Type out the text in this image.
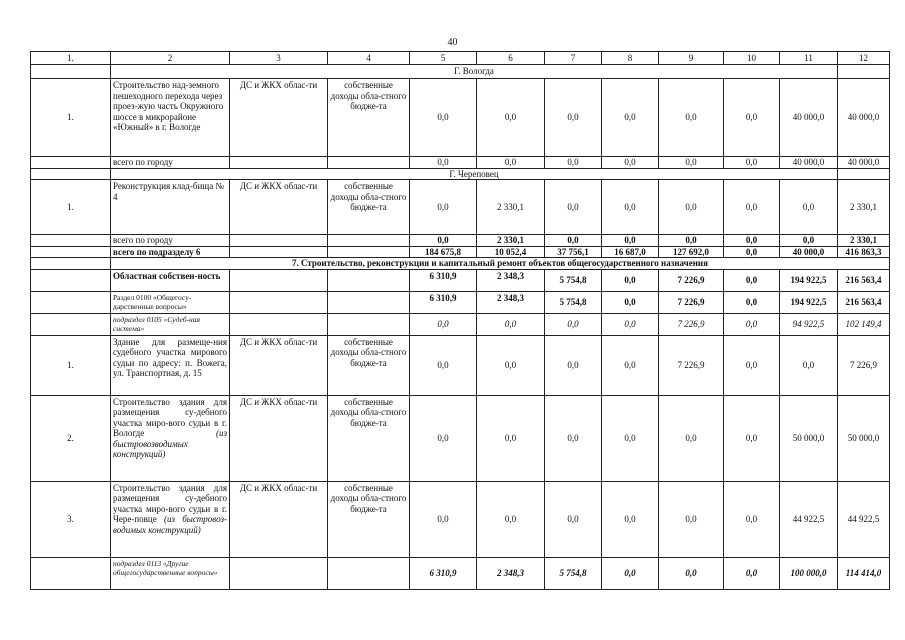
40
1.	2	3	4	5	6	7	8	9	10	11	12
	Г. Вологда										
1.	Строительство над-земного пешеходного перехода через проез-жую часть Окружного шоссе в микрорайоне «Южный» в г. Вологде	ДС и ЖКХ облас-ти	собственные доходы обла-стного бюдже-та	0,0	0,0	0,0	0,0	0,0	0,0	40 000,0	40 000,0
	всего по городу			0,0	0,0	0,0	0,0	0,0	0,0	40 000,0	40 000,0
	Г. Череповец										
1.	Реконструкция клад-бища № 4	ДС и ЖКХ облас-ти	собственные доходы обла-стного бюдже-та	0,0	2 330,1	0,0	0,0	0,0	0,0	0,0	2 330,1
	всего по городу			0,0	2 330,1	0,0	0,0	0,0	0,0	0,0	2 330,1
	всего по подразделу 6			184 675,8	10 052,4	37 756,1	16 687,0	127 692,0	0,0	40 000,0	416 863,3
	7. Строительство, реконструкция и капитальный ремонт объектов общегосударственного назначения										
	Областная собствен-ность			6 310,9	2 348,3	5 754,8	0,0	7 226,9	0,0	194 922,5	216 563,4
	Раздел 0100 «Общегосу-дарственные вопросы»			6 310,9	2 348,3	5 754,8	0,0	7 226,9	0,0	194 922,5	216 563,4
	подраздел 0105 «Судеб-ная система»			0,0	0,0	0,0	0,0	7 226,9	0,0	94 922,5	102 149,4
1.	Здание для размеще-ния судебного участка мирового судьи по адресу: п. Вожега, ул. Транспортная, д. 15	ДС и ЖКХ облас-ти	собственные доходы обла-стного бюдже-та	0,0	0,0	0,0	0,0	7 226,9	0,0	0,0	7 226,9
2.	Строительство здания для размещения су-дебного участка миро-вого судьи в г. Вологде (из быстровозводимых конструкций)	ДС и ЖКХ облас-ти	собственные доходы обла-стного бюдже-та	0,0	0,0	0,0	0,0	0,0	0,0	50 000,0	50 000,0
3.	Строительство здания для размещения су-дебного участка миро-вого судьи в г. Чере-повце (из быстровоз-водимых конструкций)	ДС и ЖКХ облас-ти	собственные доходы обла-стного бюдже-та	0,0	0,0	0,0	0,0	0,0	0,0	44 922,5	44 922,5
	подраздел 0113 «Другие общегосударственные вопросы»			6 310,9	2 348,3	5 754,8	0,0	0,0	0,0	100 000,0	114 414,0
